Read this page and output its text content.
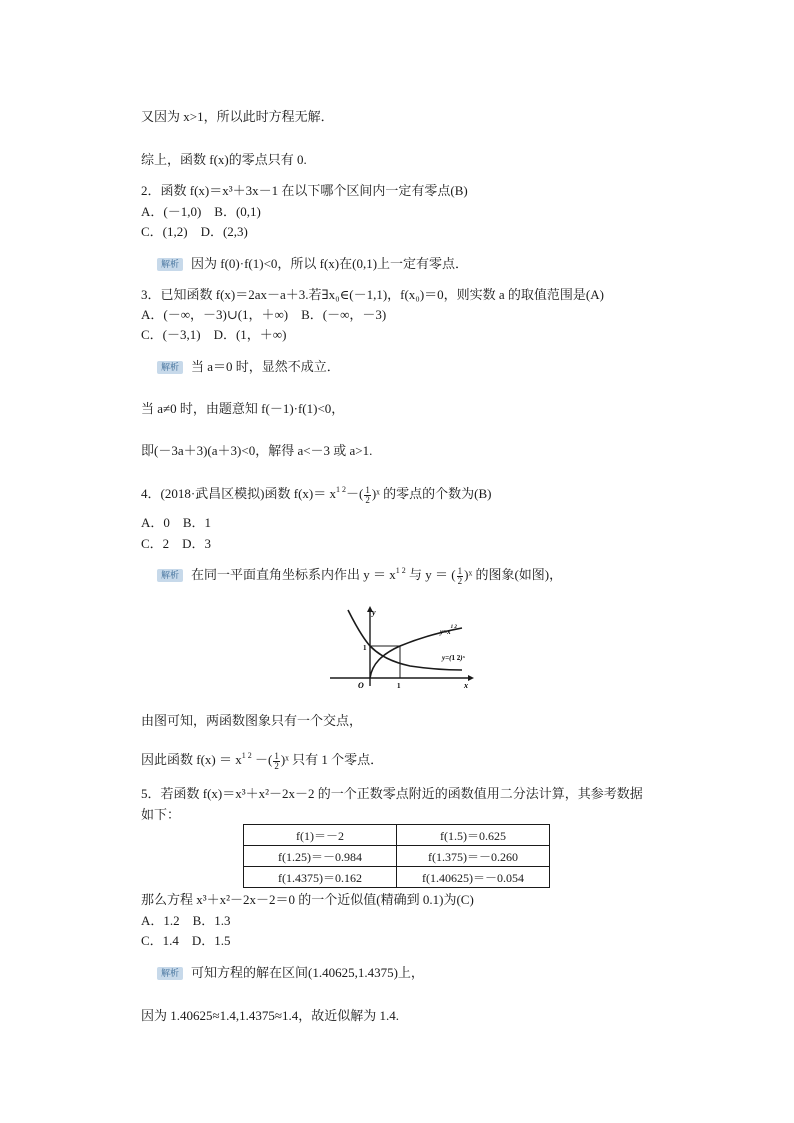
又因为 x>1，所以此时方程无解．
综上，函数 f(x)的零点只有 0.
2．函数 f(x)＝x³＋3x－1 在以下哪个区间内一定有零点(B)
A．(－1,0)　B．(0,1)
C．(1,2)　D．(2,3)
解析 因为 f(0)·f(1)<0，所以 f(x)在(0,1)上一定有零点．
3．已知函数 f(x)＝2ax－a＋3.若∃x₀∈(－1,1)，f(x₀)＝0，则实数 a 的取值范围是(A)
A．(－∞，－3)∪(1，＋∞)　B．(－∞，－3)
C．(－3,1)　D．(1，＋∞)
解析 当 a＝0 时，显然不成立．
当 a≠0 时，由题意知 f(－1)·f(1)<0，
即(－3a＋3)(a＋3)<0，解得 a<－3 或 a>1.
4．(2018·武昌区模拟)函数 $f(x)= x^{1 2}-( \frac{1}{2}$ )ˣ 的零点的个数为(B)
A．0　B．1
C．2　D．3
解析 在同一平面直角坐标系内作出 $y = x^{1 2}$ 与 y ＝ ( $\frac{1}{2}$ )ˣ 的图象(如图)，
y
x
O	1
1
$y=x^{1 2}$
y=(1 2)ˣ
由图可知，两函数图象只有一个交点，
因此函数 $f(x) = x^{1 2}$ －( $\frac{1}{2}$ )ˣ 只有 1 个零点．
5．若函数 f(x)＝x³＋x²－2x－2 的一个正数零点附近的函数值用二分法计算，其参考数据
如下：
f(1)＝－2	f(1.5)＝0.625
f(1.25)＝－0.984	f(1.375)＝－0.260
f(1.4375)＝0.162	f(1.40625)＝－0.054
那么方程 x³＋x²－2x－2＝0 的一个近似值(精确到 0.1)为(C)
A．1.2　B．1.3
C．1.4　D．1.5
解析 可知方程的解在区间(1.40625,1.4375)上，
因为 1.40625≈1.4,1.4375≈1.4，故近似解为 1.4.
